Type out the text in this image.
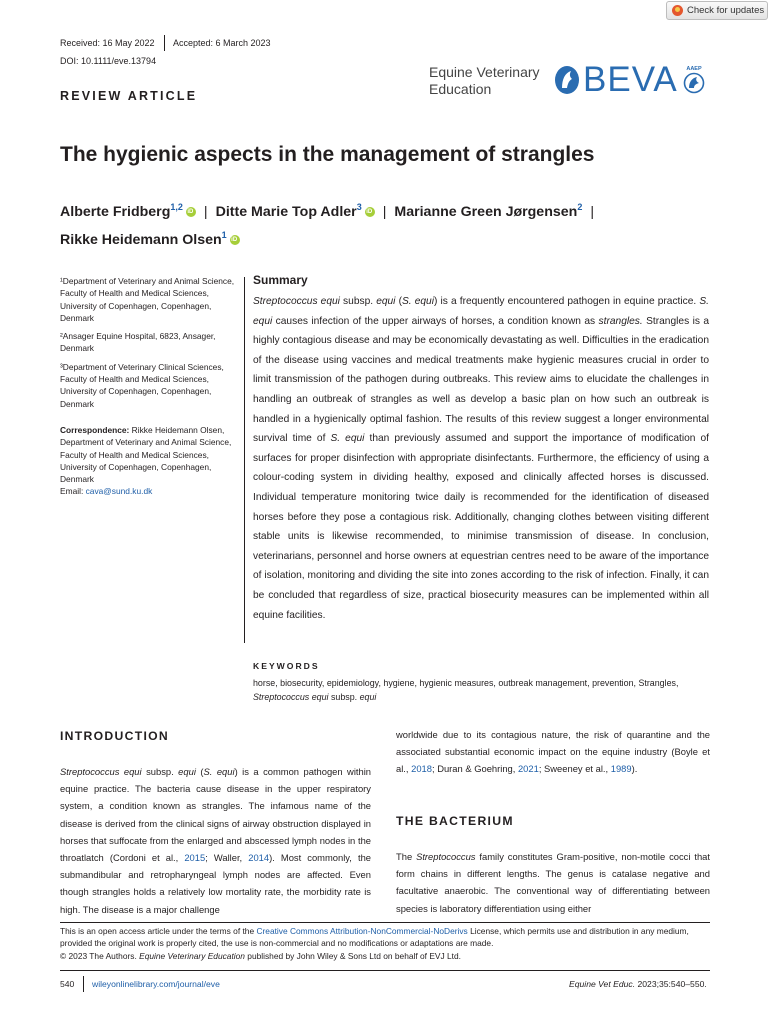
Check for updates
Received: 16 May 2022 Accepted: 6 March 2023
DOI: 10.1111/eve.13794
Equine Veterinary
Education	BEVA	AAEP
REVIEW ARTICLE
The hygienic aspects in the management of strangles
Alberte Fridberg$^{1,2}$ iD | Ditte Marie Top Adler$^3$ iD | Marianne Green Jørgensen$^2$ |
Rikke Heidemann Olsen$^1$iD

¹Department of Veterinary and Animal Science, Faculty of Health and Medical Sciences, University of Copenhagen, Copenhagen, Denmark

²Ansager Equine Hospital, 6823, Ansager, Denmark

³Department of Veterinary Clinical Sciences, Faculty of Health and Medical Sciences, University of Copenhagen, Copenhagen, Denmark

Correspondence: Rikke Heidemann Olsen, Department of Veterinary and Animal Science, Faculty of Health and Medical Sciences, University of Copenhagen, Copenhagen, Denmark
Email: cava@sund.ku.dk

Summary
Streptococcus equi subsp. equi (S. equi) is a frequently encountered pathogen in equine practice. S. equi causes infection of the upper airways of horses, a condition known as strangles. Strangles is a highly contagious disease and may be economically devastating as well. Difficulties in the eradication of the disease using vaccines and medical treatments make hygienic measures crucial in order to limit transmission of the pathogen during outbreaks. This review aims to elucidate the challenges in handling an outbreak of strangles as well as develop a basic plan on how such an outbreak is handled in a hygienically optimal fashion. The results of this review suggest a longer environmental survival time of S. equi than previously assumed and support the importance of modification of surfaces for proper disinfection with appropriate disinfectants. Furthermore, the efficiency of using a colour-coding system in dividing healthy, exposed and clinically affected horses is discussed. Individual temperature monitoring twice daily is recommended for the identification of diseased horses before they pose a contagious risk. Additionally, changing clothes between visiting different stable units is likewise recommended, to minimise transmission of disease. In conclusion, veterinarians, personnel and horse owners at equestrian centres need to be aware of the importance of isolation, monitoring and dividing the site into zones according to the risk of infection. Finally, it can be concluded that regardless of size, practical biosecurity measures can be implemented within all equine facilities.
KEYWORDS
horse, biosecurity, epidemiology, hygiene, hygienic measures, outbreak management, prevention, Strangles, Streptococcus equi subsp. equi
INTRODUCTION
Streptococcus equi subsp. equi (S. equi) is a common pathogen within equine practice. The bacteria cause disease in the upper respiratory system, a condition known as strangles. The infamous name of the disease is derived from the clinical signs of airway obstruction displayed in horses that suffocate from the enlarged and abscessed lymph nodes in the throatlatch (Cordoni et al., 2015; Waller, 2014). Most commonly, the submandibular and retropharyngeal lymph nodes are affected. Even though strangles holds a relatively low mortality rate, the morbidity rate is high. The disease is a major challenge
worldwide due to its contagious nature, the risk of quarantine and the associated substantial economic impact on the equine industry (Boyle et al., 2018; Duran & Goehring, 2021; Sweeney et al., 1989).
THE BACTERIUM
The Streptococcus family constitutes Gram-positive, non-motile cocci that form chains in different lengths. The genus is catalase negative and facultative anaerobic. The conventional way of differentiating between species is laboratory differentiation using either
This is an open access article under the terms of the Creative Commons Attribution-NonCommercial-NoDerivs License, which permits use and distribution in any medium, provided the original work is properly cited, the use is non-commercial and no modifications or adaptations are made.
© 2023 The Authors. Equine Veterinary Education published by John Wiley & Sons Ltd on behalf of EVJ Ltd.
540 wileyonlinelibrary.com/journal/eve	Equine Vet Educ. 2023;35:540–550.
